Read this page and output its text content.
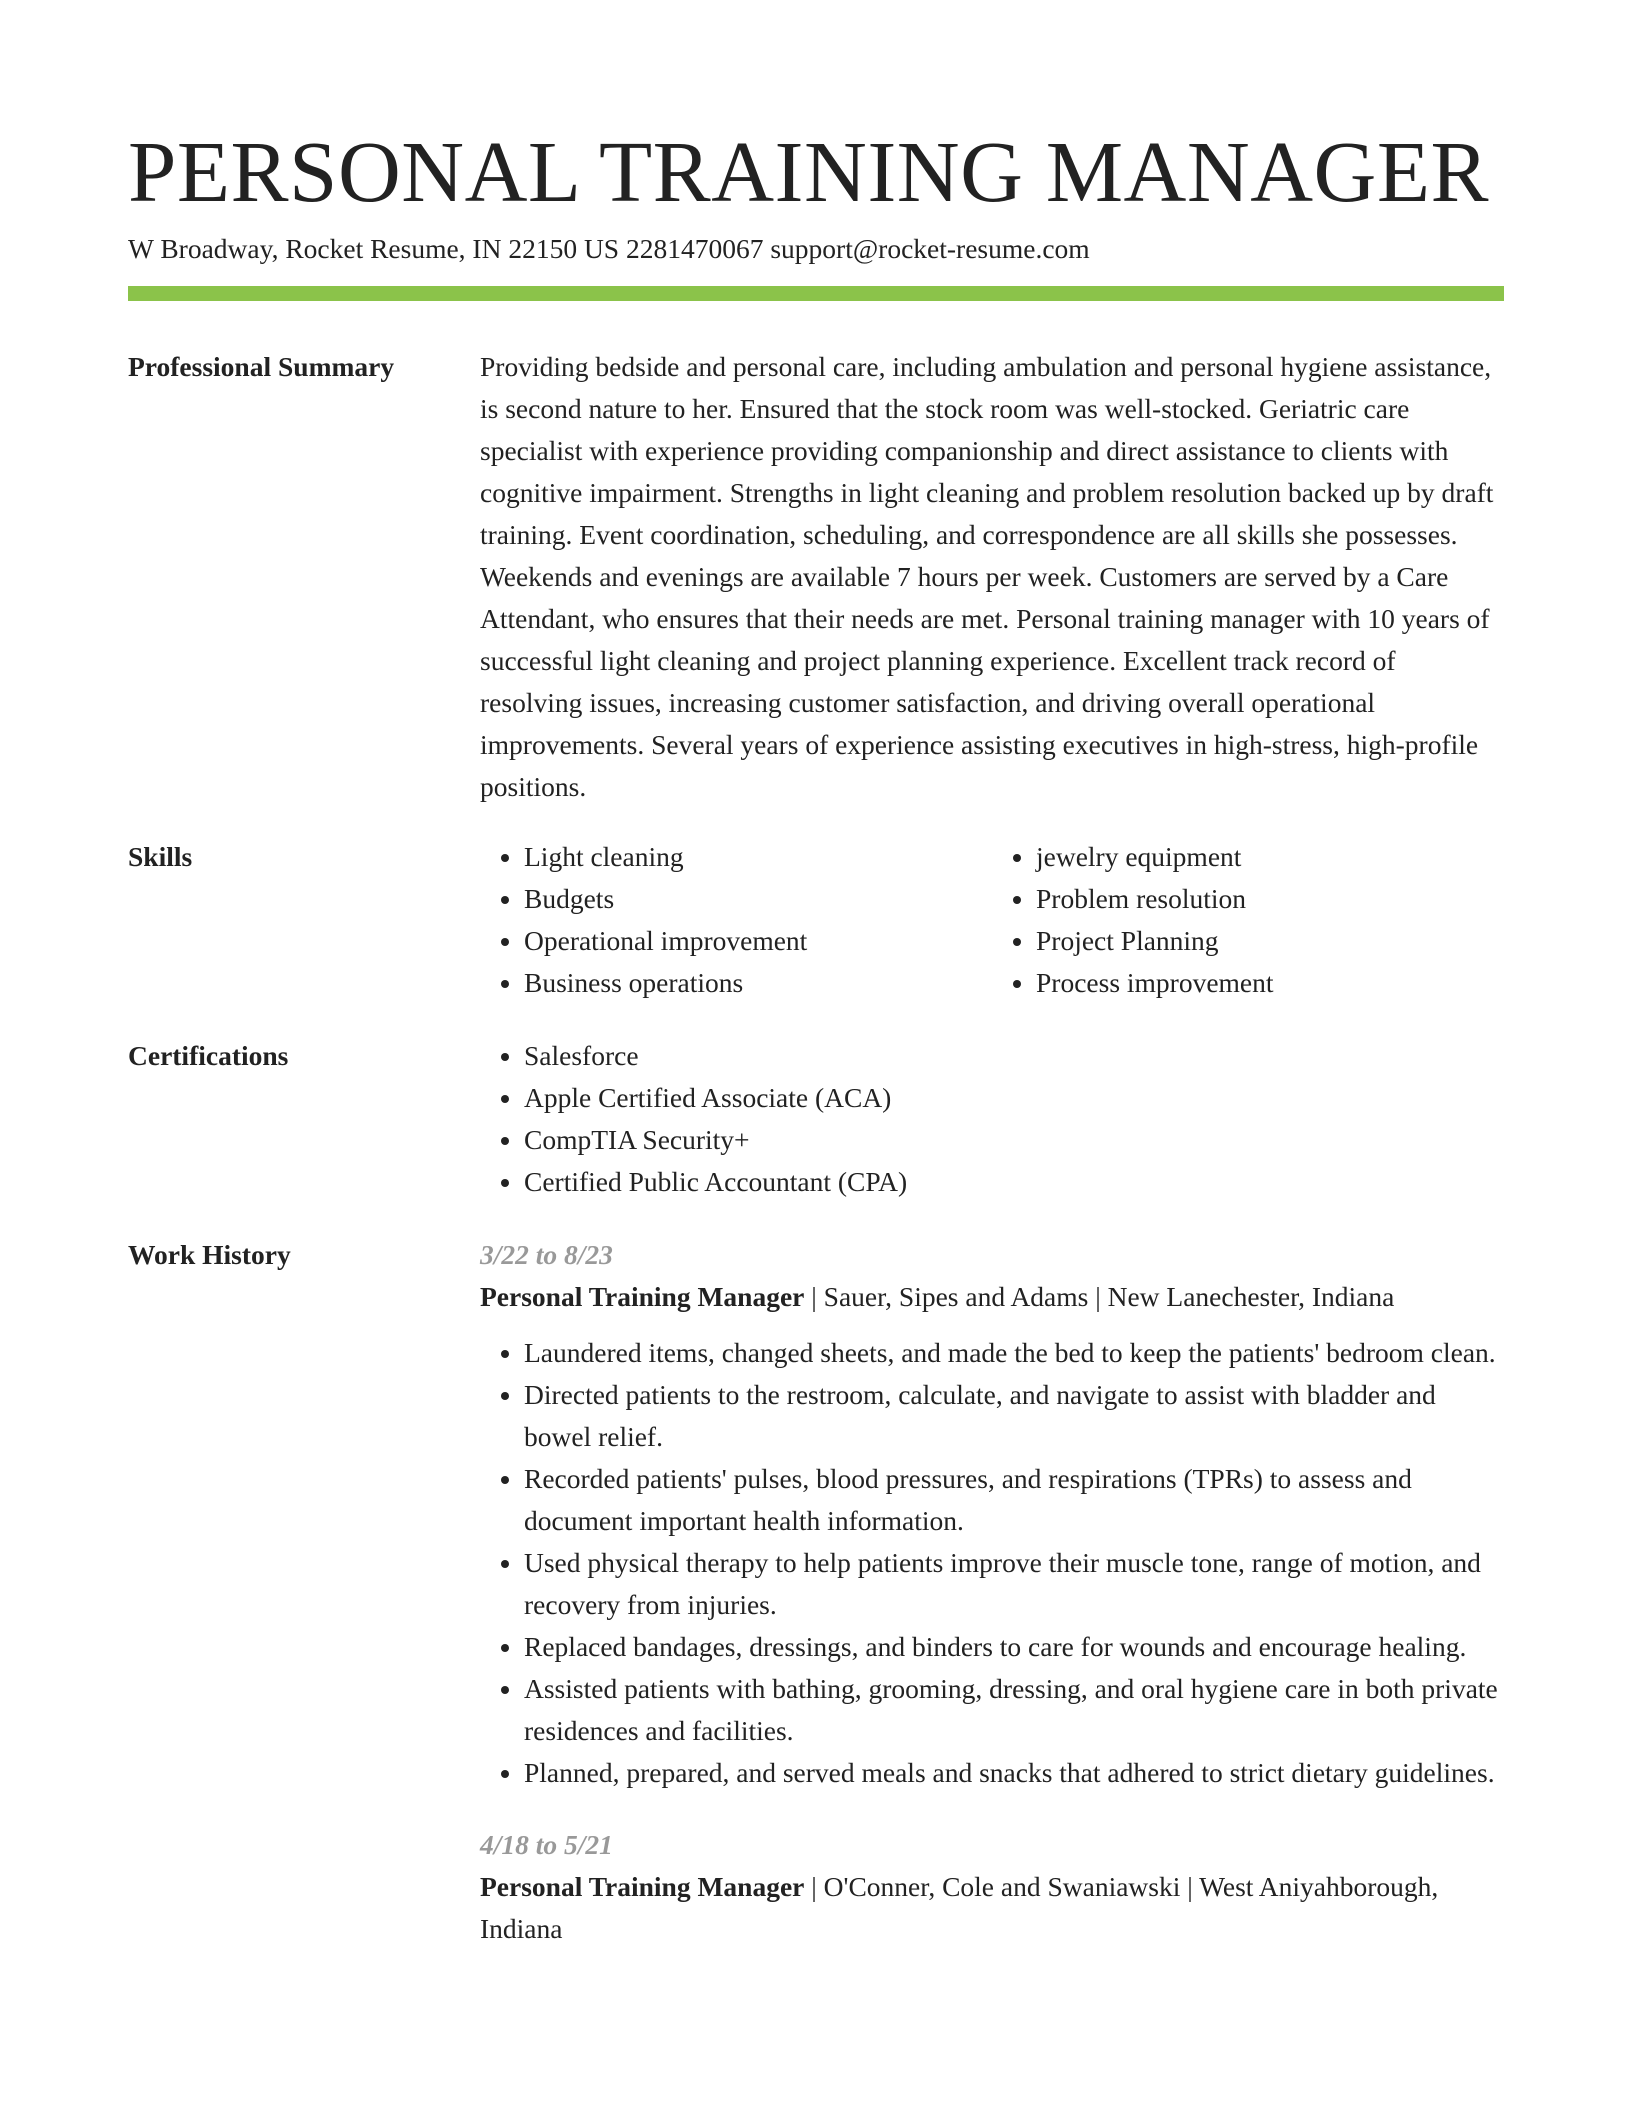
PERSONAL TRAINING MANAGER
W Broadway, Rocket Resume, IN 22150 US 2281470067 support@rocket-resume.com
Professional Summary	Providing bedside and personal care, including ambulation and personal hygiene assistance, is second nature to her. Ensured that the stock room was well-stocked. Geriatric care specialist with experience providing companionship and direct assistance to clients with cognitive impairment. Strengths in light cleaning and problem resolution backed up by draft training. Event coordination, scheduling, and correspondence are all skills she possesses. Weekends and evenings are available 7 hours per week. Customers are served by a Care Attendant, who ensures that their needs are met. Personal training manager with 10 years of successful light cleaning and project planning experience. Excellent track record of resolving issues, increasing customer satisfaction, and driving overall operational improvements. Several years of experience assisting executives in high-stress, high-profile positions.

Skills	• Light cleaning
• Budgets
• Operational improvement
• Business operations
• jewelry equipment
• Problem resolution
• Project Planning
• Process improvement
Certifications	• Salesforce
• Apple Certified Associate (ACA)
• CompTIA Security+
• Certified Public Accountant (CPA)
Work History	3/22 to 8/23
Personal Training Manager | Sauer, Sipes and Adams | New Lanechester, Indiana
• Laundered items, changed sheets, and made the bed to keep the patients' bedroom clean.
• Directed patients to the restroom, calculate, and navigate to assist with bladder and bowel relief.
• Recorded patients' pulses, blood pressures, and respirations (TPRs) to assess and document important health information.
• Used physical therapy to help patients improve their muscle tone, range of motion, and recovery from injuries.
• Replaced bandages, dressings, and binders to care for wounds and encourage healing.
• Assisted patients with bathing, grooming, dressing, and oral hygiene care in both private residences and facilities.
• Planned, prepared, and served meals and snacks that adhered to strict dietary guidelines.
4/18 to 5/21
Personal Training Manager | O'Conner, Cole and Swaniawski | West Aniyahborough, Indiana
